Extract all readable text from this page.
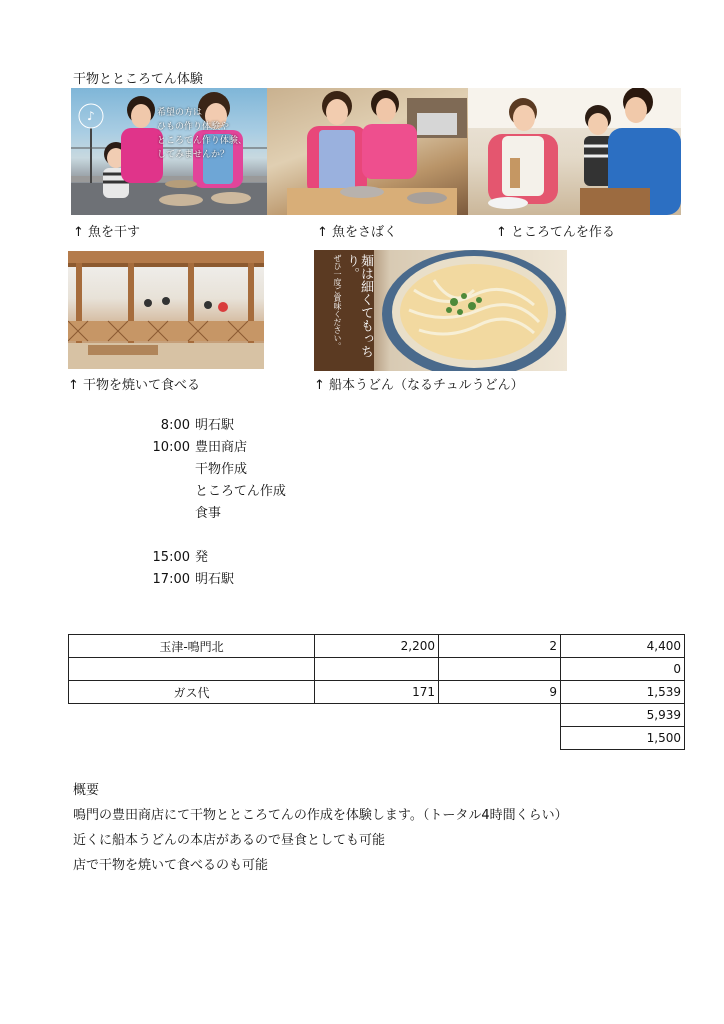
干物とところてん体験
♪	希望の方は
ひもの作り体験や
ところてん作り体験、
してみませんか？
↑ 魚を干す	↑ 魚をさばく	↑ ところてんを作る
麺は細くてもっちり。
ぜひ一度ご賞味ください。
↑ 干物を焼いて食べる	↑ 船本うどん（なるチュルうどん）
8:00 明石駅
10:00 豊田商店
干物作成
ところてん作成
食事
15:00 発
17:00 明石駅
玉津-鳴門北	2,200	2	4,400
			0
ガス代	171	9	1,539
			5,939
			1,500
概要
鳴門の豊田商店にて干物とところてんの作成を体験します。（トータル4時間くらい）
近くに船本うどんの本店があるので昼食としても可能
店で干物を焼いて食べるのも可能
